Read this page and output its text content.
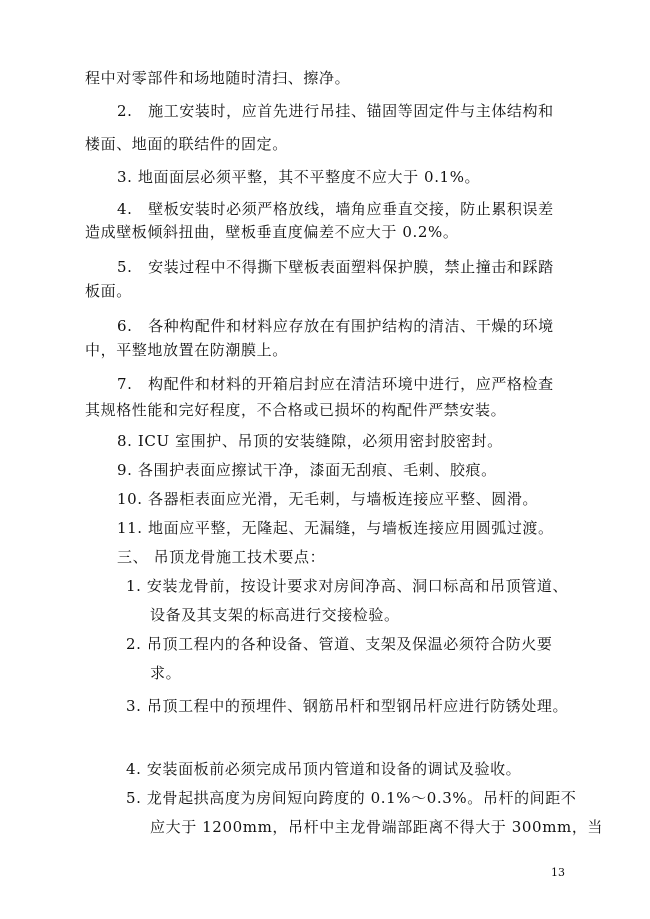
程中对零部件和场地随时清扫、擦净。
2.　施工安装时，应首先进行吊挂、锚固等固定件与主体结构和
楼面、地面的联结件的固定。
3. 地面面层必须平整，其不平整度不应大于 0.1%。
4.　壁板安装时必须严格放线，墙角应垂直交接，防止累积误差
造成壁板倾斜扭曲，壁板垂直度偏差不应大于 0.2%。
5.　安装过程中不得撕下壁板表面塑料保护膜，禁止撞击和踩踏
板面。
6.　各种构配件和材料应存放在有围护结构的清洁、干燥的环境
中，平整地放置在防潮膜上。
7.　构配件和材料的开箱启封应在清洁环境中进行，应严格检查
其规格性能和完好程度，不合格或已损坏的构配件严禁安装。
8. ICU 室围护、吊顶的安装缝隙，必须用密封胶密封。
9. 各围护表面应擦试干净，漆面无刮痕、毛刺、胶痕。
10. 各器柜表面应光滑，无毛刺，与墙板连接应平整、圆滑。
11. 地面应平整，无隆起、无漏缝，与墙板连接应用圆弧过渡。
三、 吊顶龙骨施工技术要点：
1. 安装龙骨前，按设计要求对房间净高、洞口标高和吊顶管道、
设备及其支架的标高进行交接检验。
2. 吊顶工程内的各种设备、管道、支架及保温必须符合防火要
求。
3. 吊顶工程中的预埋件、钢筋吊杆和型钢吊杆应进行防锈处理。
4. 安装面板前必须完成吊顶内管道和设备的调试及验收。
5. 龙骨起拱高度为房间短向跨度的 0.1%～0.3%。吊杆的间距不
应大于 1200mm，吊杆中主龙骨端部距离不得大于 300mm，当
13
